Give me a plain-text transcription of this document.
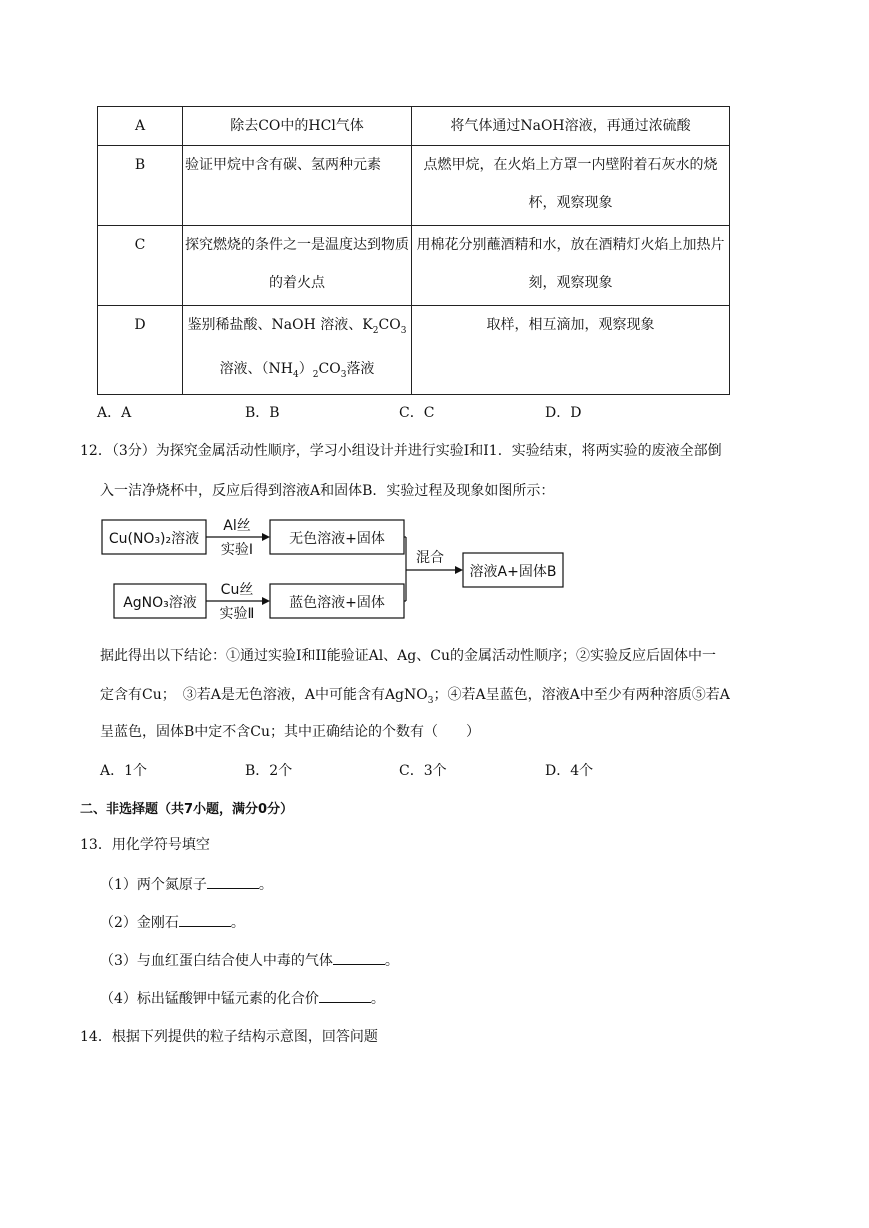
A	除去CO中的HCl气体	将气体通过NaOH溶液，再通过浓硫酸
B	验证甲烷中含有碳、氢两种元素	点燃甲烷，在火焰上方罩一内壁附着石灰水的烧杯，观察现象
C	探究燃烧的条件之一是温度达到物质的着火点	用棉花分别蘸酒精和水，放在酒精灯火焰上加热片刻，观察现象
D	鉴别稀盐酸、NaOH 溶液、$K_2CO_3$溶液、$(NH_4)_2CO_3$落液	取样，相互滴加，观察现象
A．A	B．B	C．C	D．D
12．（3分）为探究金属活动性顺序，学习小组设计并进行实验Ⅰ和Ⅰ1．实验结束，将两实验的废液全部倒
入一洁净烧杯中，反应后得到溶液A和固体B．实验过程及现象如图所示：
Cu(NO₃)₂溶液
AgNO₃溶液
Al丝
实验Ⅰ
Cu丝
实验Ⅱ
无色溶液+固体
蓝色溶液+固体
混合
溶液A+固体B
据此得出以下结论：①通过实验Ⅰ和II能验证Al、Ag、Cu的金属活动性顺序；②实验反应后固体中一
定含有Cu；　③若A是无色溶液，A中可能含有AgNO$_3$；④若A呈蓝色，溶液A中至少有两种溶质⑤若A
呈蓝色，固体B中定不含Cu；其中正确结论的个数有（　　）
A．1个	B．2个	C．3个	D．4个
二、非选择题（共7小题，满分0分）
13．用化学符号填空
（1）两个氮原子	。
（2）金刚石	。
（3）与血红蛋白结合使人中毒的气体	。
（4）标出锰酸钾中锰元素的化合价	。
14．根据下列提供的粒子结构示意图，回答问题
